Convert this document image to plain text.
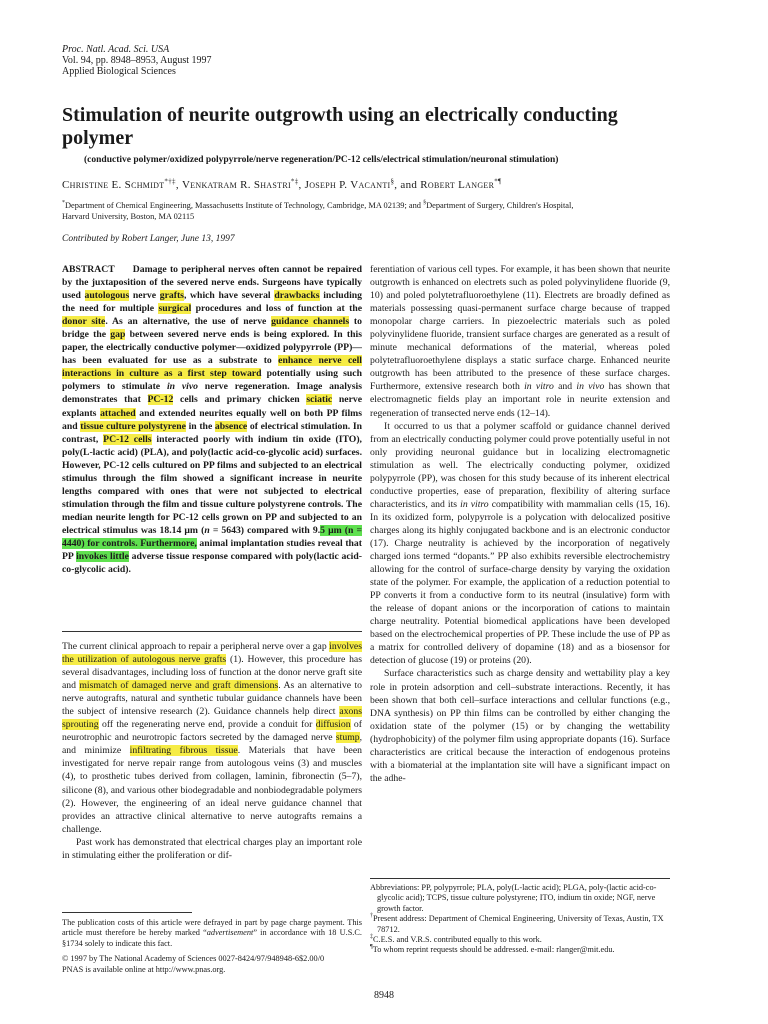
Proc. Natl. Acad. Sci. USA
Vol. 94, pp. 8948–8953, August 1997
Applied Biological Sciences
Stimulation of neurite outgrowth using an electrically conducting polymer
(conductive polymer/oxidized polypyrrole/nerve regeneration/PC-12 cells/electrical stimulation/neuronal stimulation)
Christine E. Schmidt*†‡, Venkatram R. Shastri*‡, Joseph P. Vacanti§, and Robert Langer*¶
*Department of Chemical Engineering, Massachusetts Institute of Technology, Cambridge, MA 02139; and §Department of Surgery, Children's Hospital,
Harvard University, Boston, MA 02115
Contributed by Robert Langer, June 13, 1997

ABSTRACT Damage to peripheral nerves often cannot be repaired by the juxtaposition of the severed nerve ends. Surgeons have typically used autologous nerve grafts, which have several drawbacks including the need for multiple surgical procedures and loss of function at the donor site. As an alternative, the use of nerve guidance channels to bridge the gap between severed nerve ends is being explored. In this paper, the electrically conductive polymer—oxidized polypyrrole (PP)—has been evaluated for use as a substrate to enhance nerve cell interactions in culture as a first step toward potentially using such polymers to stimulate in vivo nerve regeneration. Image analysis demonstrates that PC-12 cells and primary chicken sciatic nerve explants attached and extended neurites equally well on both PP films and tissue culture polystyrene in the absence of electrical stimulation. In contrast, PC-12 cells interacted poorly with indium tin oxide (ITO), poly(L-lactic acid) (PLA), and poly(lactic acid-co-glycolic acid) surfaces. However, PC-12 cells cultured on PP films and subjected to an electrical stimulus through the film showed a significant increase in neurite lengths compared with ones that were not subjected to electrical stimulation through the film and tissue culture polystyrene controls. The median neurite length for PC-12 cells grown on PP and subjected to an electrical stimulus was 18.14 μm (n = 5643) compared with 9.5 μm (n = 4440) for controls. Furthermore, animal implantation studies reveal that PP invokes little adverse tissue response compared with poly(lactic acid-co-glycolic acid).

The current clinical approach to repair a peripheral nerve over a gap involves the utilization of autologous nerve grafts (1). However, this procedure has several disadvantages, including loss of function at the donor nerve graft site and mismatch of damaged nerve and graft dimensions. As an alternative to nerve autografts, natural and synthetic tubular guidance channels have been the subject of intensive research (2). Guidance channels help direct axons sprouting off the regenerating nerve end, provide a conduit for diffusion of neurotrophic and neurotropic factors secreted by the damaged nerve stump, and minimize infiltrating fibrous tissue. Materials that have been investigated for nerve repair range from autologous veins (3) and muscles (4), to prosthetic tubes derived from collagen, laminin, fibronectin (5–7), silicone (8), and various other biodegradable and nonbiodegradable polymers (2). However, the engineering of an ideal nerve guidance channel that provides an attractive clinical alternative to nerve autografts remains a challenge.

Past work has demonstrated that electrical charges play an important role in stimulating either the proliferation or dif-

The publication costs of this article were defrayed in part by page charge payment. This article must therefore be hereby marked “advertisement” in accordance with 18 U.S.C. §1734 solely to indicate this fact.

© 1997 by The National Academy of Sciences 0027-8424/97/948948-6$2.00/0

PNAS is available online at http://www.pnas.org.

ferentiation of various cell types. For example, it has been shown that neurite outgrowth is enhanced on electrets such as poled polyvinylidene fluoride (9, 10) and poled polytetrafluoroethylene (11). Electrets are broadly defined as materials possessing quasi-permanent surface charge because of trapped monopolar charge carriers. In piezoelectric materials such as poled polyvinylidene fluoride, transient surface charges are generated as a result of minute mechanical deformations of the material, whereas poled polytetrafluoroethylene displays a static surface charge. Enhanced neurite outgrowth has been attributed to the presence of these surface charges. Furthermore, extensive research both in vitro and in vivo has shown that electromagnetic fields play an important role in neurite extension and regeneration of transected nerve ends (12–14).

It occurred to us that a polymer scaffold or guidance channel derived from an electrically conducting polymer could prove potentially useful in not only providing neuronal guidance but in localizing electromagnetic stimulation as well. The electrically conducting polymer, oxidized polypyrrole (PP), was chosen for this study because of its inherent electrical conductive properties, ease of preparation, flexibility of altering surface characteristics, and its in vitro compatibility with mammalian cells (15, 16). In its oxidized form, polypyrrole is a polycation with delocalized positive charges along its highly conjugated backbone and is an electronic conductor (17). Charge neutrality is achieved by the incorporation of negatively charged ions termed “dopants.” PP also exhibits reversible electrochemistry allowing for the control of surface-charge density by varying the oxidation state of the polymer. For example, the application of a reduction potential to PP converts it from a conductive form to its neutral (insulative) form with the release of dopant anions or the incorporation of cations to maintain charge neutrality. Potential biomedical applications have been developed based on the electrochemical properties of PP. These include the use of PP as a matrix for controlled delivery of dopamine (18) and as a biosensor for detection of glucose (19) or proteins (20).

Surface characteristics such as charge density and wettability play a key role in protein adsorption and cell–substrate interactions. Recently, it has been shown that both cell–surface interactions and cellular functions (e.g., DNA synthesis) on PP thin films can be controlled by either changing the oxidation state of the polymer (15) or by changing the wettability (hydrophobicity) of the polymer film using appropriate dopants (16). Surface characteristics are critical because the interaction of endogenous proteins with a biomaterial at the implantation site will have a significant impact on the adhe-

Abbreviations: PP, polypyrrole; PLA, poly(L-lactic acid); PLGA, poly-(lactic acid-co-glycolic acid); TCPS, tissue culture polystyrene; ITO, indium tin oxide; NGF, nerve growth factor.

†Present address: Department of Chemical Engineering, University of Texas, Austin, TX 78712.

‡C.E.S. and V.R.S. contributed equally to this work.

¶To whom reprint requests should be addressed. e-mail: rlanger@mit.edu.

8948
